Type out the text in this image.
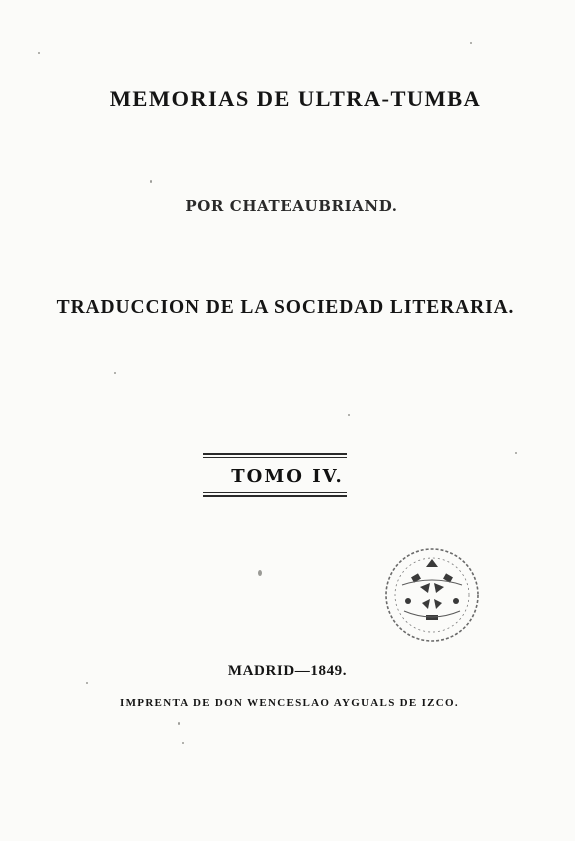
MEMORIAS DE ULTRA-TUMBA
POR CHATEAUBRIAND.
TRADUCCION DE LA SOCIEDAD LITERARIA.
TOMO IV.
MADRID—1849.
IMPRENTA DE DON WENCESLAO AYGUALS DE IZCO.
